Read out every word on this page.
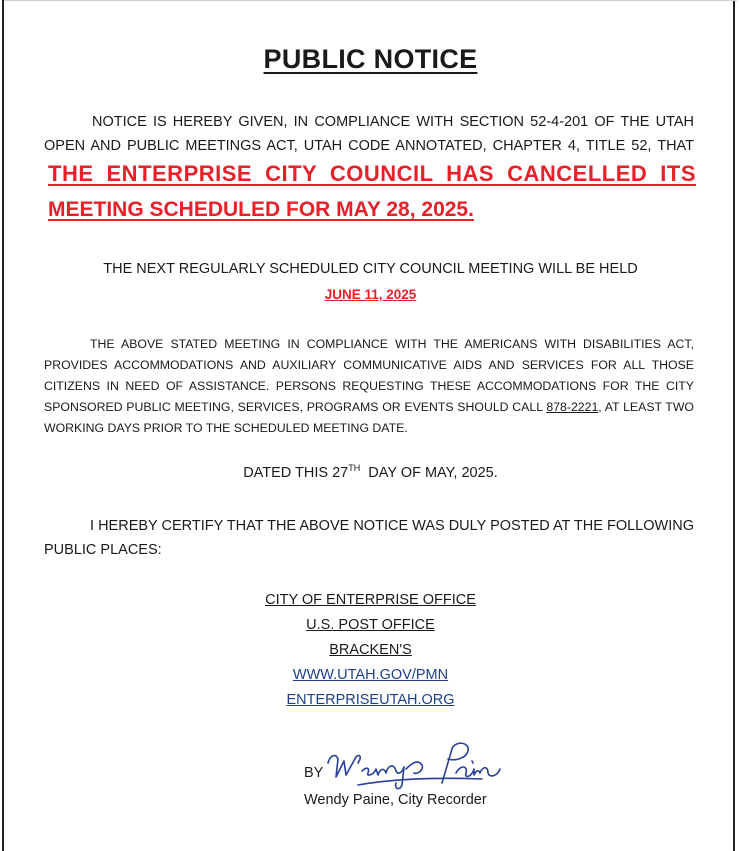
PUBLIC NOTICE
NOTICE IS HEREBY GIVEN, IN COMPLIANCE WITH SECTION 52-4-201 OF THE UTAH OPEN AND PUBLIC MEETINGS ACT, UTAH CODE ANNOTATED, CHAPTER 4, TITLE 52, THAT
THE ENTERPRISE CITY COUNCIL HAS CANCELLED ITS
MEETING SCHEDULED FOR MAY 28, 2025.
THE NEXT REGULARLY SCHEDULED CITY COUNCIL MEETING WILL BE HELD
JUNE 11, 2025
THE ABOVE STATED MEETING IN COMPLIANCE WITH THE AMERICANS WITH DISABILITIES ACT, PROVIDES ACCOMMODATIONS AND AUXILIARY COMMUNICATIVE AIDS AND SERVICES FOR ALL THOSE CITIZENS IN NEED OF ASSISTANCE. PERSONS REQUESTING THESE ACCOMMODATIONS FOR THE CITY SPONSORED PUBLIC MEETING, SERVICES, PROGRAMS OR EVENTS SHOULD CALL 878-2221, AT LEAST TWO WORKING DAYS PRIOR TO THE SCHEDULED MEETING DATE.
DATED THIS 27TH  DAY OF MAY, 2025.
I HEREBY CERTIFY THAT THE ABOVE NOTICE WAS DULY POSTED AT THE FOLLOWING PUBLIC PLACES:
CITY OF ENTERPRISE OFFICE
U.S. POST OFFICE
BRACKEN'S
WWW.UTAH.GOV/PMN
ENTERPRISEUTAH.ORG
BY
Wendy Paine, City Recorder
